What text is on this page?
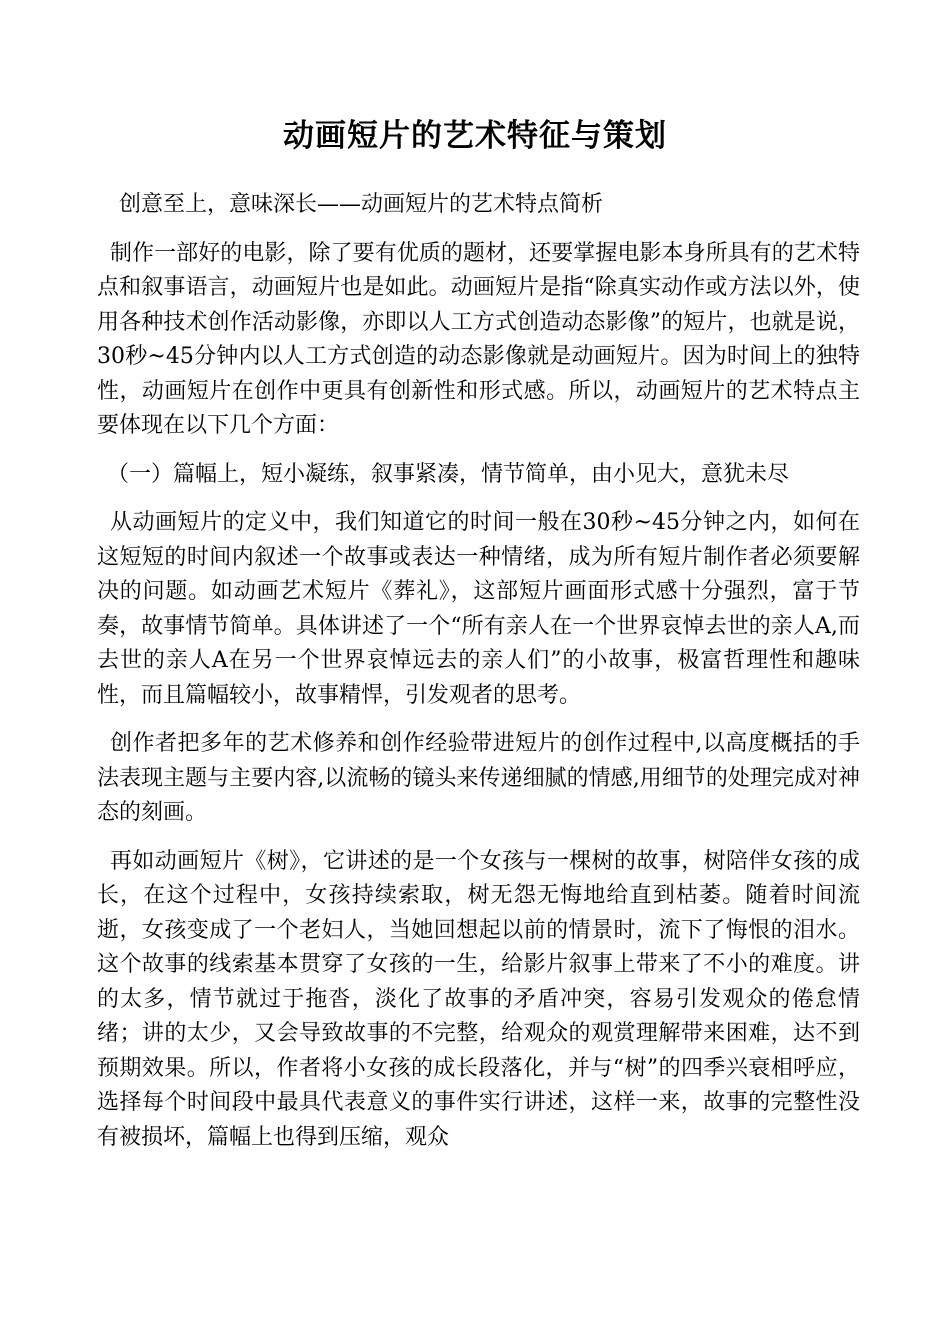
动画短片的艺术特征与策划

创意至上，意味深长——动画短片的艺术特点简析

制作一部好的电影，除了要有优质的题材，还要掌握电影本身所具有的艺术特点和叙事语言，动画短片也是如此。动画短片是指“除真实动作或方法以外，使用各种技术创作活动影像，亦即以人工方式创造动态影像”的短片，也就是说，30秒~45分钟内以人工方式创造的动态影像就是动画短片。因为时间上的独特性，动画短片在创作中更具有创新性和形式感。所以，动画短片的艺术特点主要体现在以下几个方面：

（一）篇幅上，短小凝练，叙事紧凑，情节简单，由小见大，意犹未尽

从动画短片的定义中，我们知道它的时间一般在30秒~45分钟之内，如何在这短短的时间内叙述一个故事或表达一种情绪，成为所有短片制作者必须要解决的问题。如动画艺术短片《葬礼》，这部短片画面形式感十分强烈，富于节奏，故事情节简单。具体讲述了一个“所有亲人在一个世界哀悼去世的亲人A,而去世的亲人A在另一个世界哀悼远去的亲人们”的小故事，极富哲理性和趣味性，而且篇幅较小，故事精悍，引发观者的思考。

创作者把多年的艺术修养和创作经验带进短片的创作过程中,以高度概括的手法表现主题与主要内容,以流畅的镜头来传递细腻的情感,用细节的处理完成对神态的刻画。

再如动画短片《树》，它讲述的是一个女孩与一棵树的故事，树陪伴女孩的成长，在这个过程中，女孩持续索取，树无怨无悔地给直到枯萎。随着时间流逝，女孩变成了一个老妇人，当她回想起以前的情景时，流下了悔恨的泪水。这个故事的线索基本贯穿了女孩的一生，给影片叙事上带来了不小的难度。讲的太多，情节就过于拖沓，淡化了故事的矛盾冲突，容易引发观众的倦怠情绪；讲的太少，又会导致故事的不完整，给观众的观赏理解带来困难，达不到预期效果。所以，作者将小女孩的成长段落化，并与“树”的四季兴衰相呼应，选择每个时间段中最具代表意义的事件实行讲述，这样一来，故事的完整性没有被损坏，篇幅上也得到压缩，观众
